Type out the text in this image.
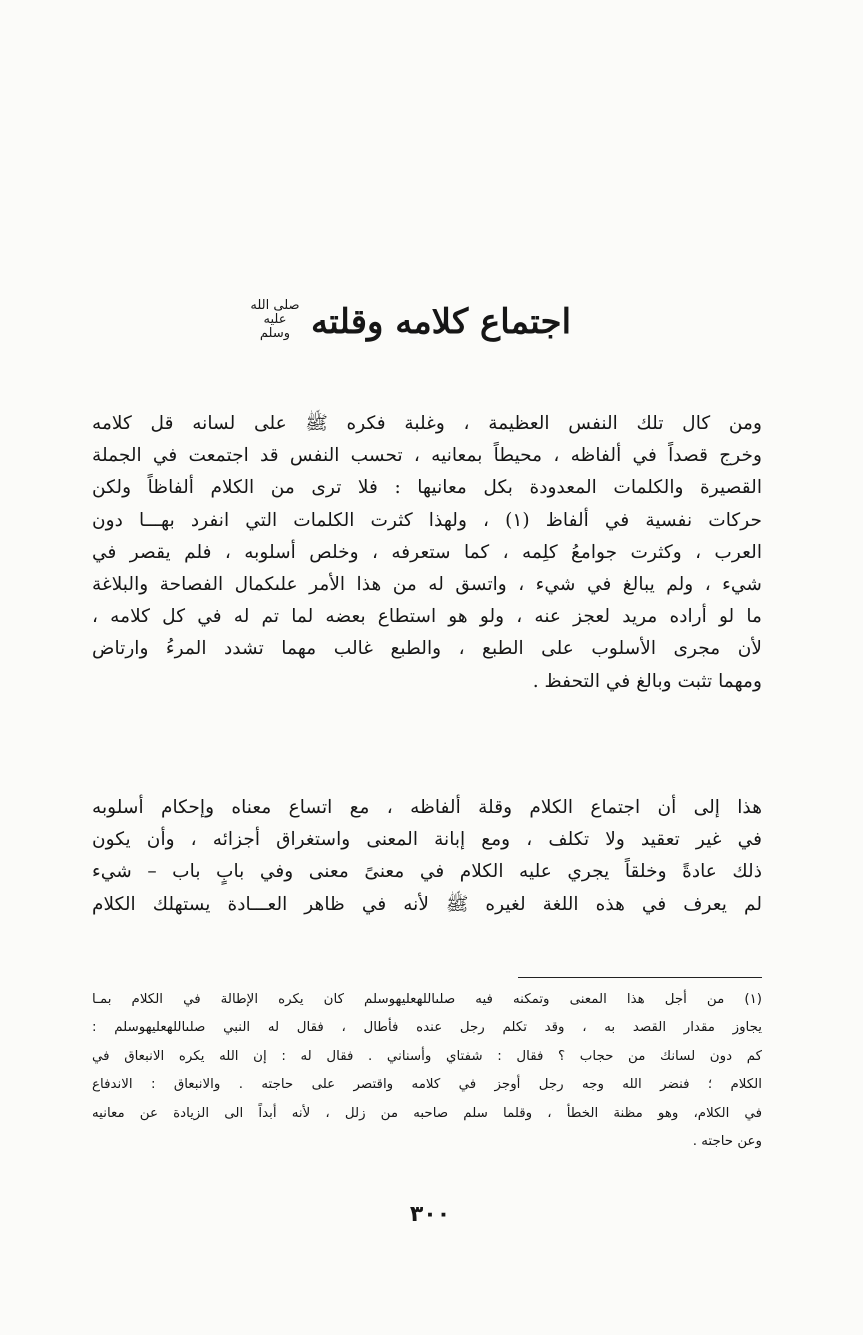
اجتماع كلامه وقلته
صلى الله
عليه وسلم
ومن كال تلك النفس العظيمة ، وغلبة فكره ﷺ على لسانه قل كلامه
وخرج قصداً في ألفاظه ، محيطاً بمعانيه ، تحسب النفس قد اجتمعت في الجملة
القصيرة والكلمات المعدودة بكل معانيها : فلا ترى من الكلام ألفاظاً ولكن
حركات نفسية في ألفاظ (١) ، ولهذا كثرت الكلمات التي انفرد بهـــا دون
العرب ، وكثرت جوامعُ كلِمه ، كما ستعرفه ، وخلص أسلوبه ، فلم يقصر في
شيء ، ولم يبالغ في شيء ، واتسق له من هذا الأمر علىكمال الفصاحة والبلاغة
ما لو أراده مريد لعجز عنه ، ولو هو استطاع بعضه لما تم له في كل كلامه ،
لأن مجرى الأسلوب على الطبع ، والطبع غالب مهما تشدد المرءُ وارتاض
ومهما تثبت وبالغ في التحفظ .
هذا إلى أن اجتماع الكلام وقلة ألفاظه ، مع اتساع معناه وإحكام أسلوبه
في غير تعقيد ولا تكلف ، ومع إبانة المعنى واستغراق أجزائه ، وأن يكون
ذلك عادةً وخلقاً يجري عليه الكلام في معنىً معنى وفي بابٍ باب – شيء
لم يعرف في هذه اللغة لغيره ﷺ لأنه في ظاهر العـــادة يستهلك الكلام
(١) من أجل هذا المعنى وتمكنه فيه صلىاللهعليهوسلم كان يكره الإطالة في الكلام بمـا
يجاوز مقدار القصد به ، وقد تكلم رجل عنده فأطال ، فقال له النبي صلىاللهعليهوسلم :
كم دون لسانك من حجاب ؟ فقال : شفتاي وأسناني . فقال له : إن الله يكره الانبعاق في
الكلام ؛ فنضر الله وجه رجل أوجز في كلامه واقتصر على حاجته . والانبعاق : الاندفاع
في الكلام، وهو مظنة الخطأ ، وقلما سلم صاحبه من زلل ، لأنه أبداً الى الزيادة عن معانيه
وعن حاجته .
٣٠٠
